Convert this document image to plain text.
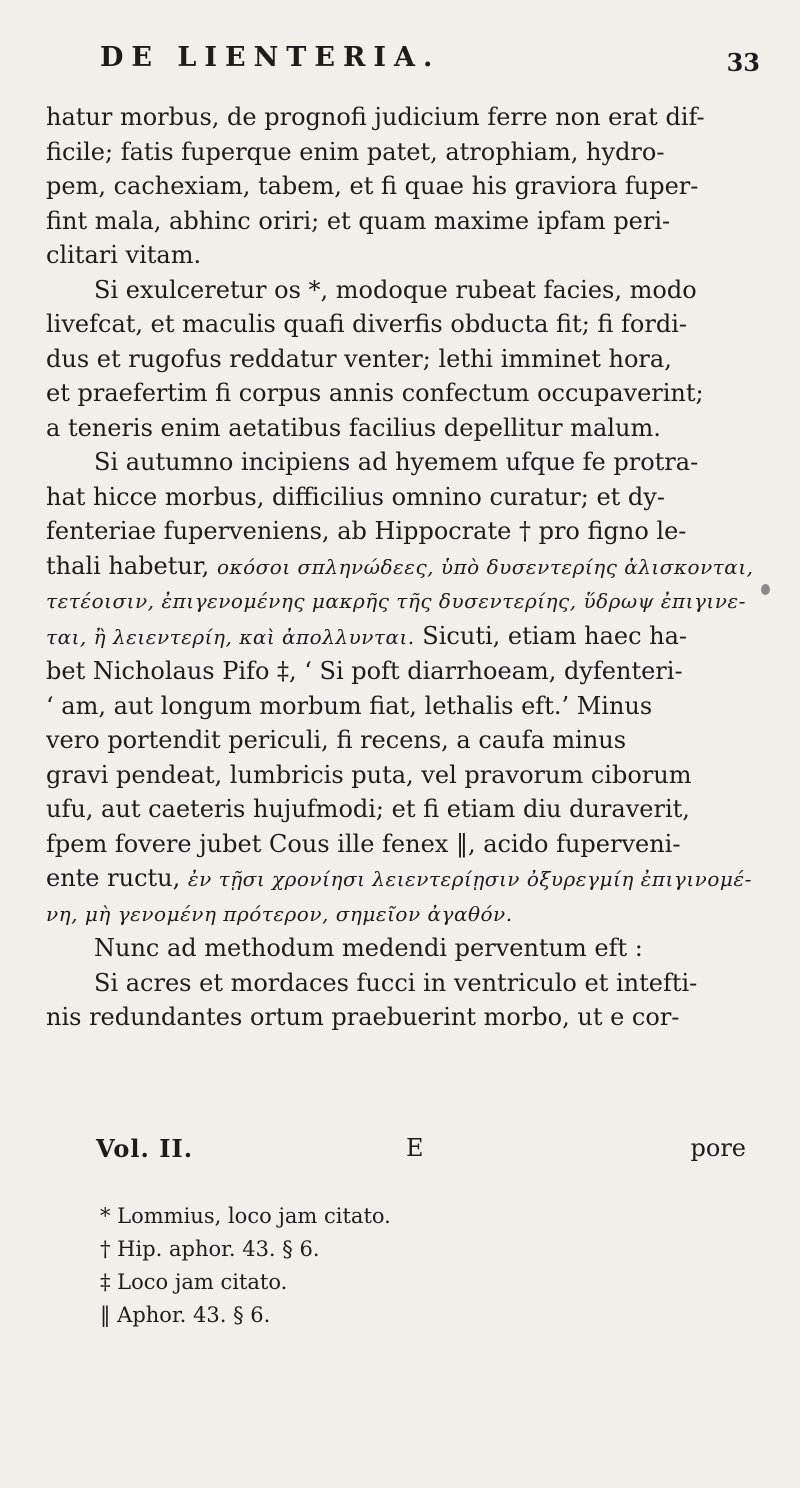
DE LIENTERIA.	33
hatur morbus, de prognofi judicium ferre non erat dif-
ficile; fatis fuperque enim patet, atrophiam, hydro-
pem, cachexiam, tabem, et fi quae his graviora fuper-
fint mala, abhinc oriri; et quam maxime ipfam peri-
clitari vitam.
Si exulceretur os *, modoque rubeat facies, modo
livefcat, et maculis quafi diverfis obducta fit; fi fordi-
dus et rugofus reddatur venter; lethi imminet hora,
et praefertim fi corpus annis confectum occupaverint;
a teneris enim aetatibus facilius depellitur malum.
Si autumno incipiens ad hyemem ufque fe protra-
hat hicce morbus, difficilius omnino curatur; et dy-
fenteriae fuperveniens, ab Hippocrate † pro figno le-
thali habetur, οκόσοι σπληνώδεες, ὑπὸ δυσεντερίης ἁλισκονται,
τετέοισιν, ἐπιγενομένης μακρῆς τῆς δυσεντερίης, ὕδρωψ ἐπιγινε-
ται, ἢ λειεντερίη, καὶ ἀπολλυνται. Sicuti, etiam haec ha-
bet Nicholaus Pifo ‡, ‘ Si poft diarrhoeam, dyfenteri-
‘ am, aut longum morbum fiat, lethalis eft.’ Minus
vero portendit periculi, fi recens, a caufa minus
gravi pendeat, lumbricis puta, vel pravorum ciborum
ufu, aut caeteris hujufmodi; et fi etiam diu duraverit,
fpem fovere jubet Cous ille fenex ‖, acido fuperveni-
ente ructu, ἐν τῇσι χρονίησι λειεντερίῃσιν ὀξυρεγμίη ἐπιγινομέ-
νη, μὴ γενομένη πρότερον, σημεῖον ἀγαθόν.
Nunc ad methodum medendi perventum eft :
Si acres et mordaces fucci in ventriculo et intefti-
nis redundantes ortum praebuerint morbo, ut e cor-
Vol. II.	E	pore
* Lommius, loco jam citato.
† Hip. aphor. 43. § 6.
‡ Loco jam citato.
‖ Aphor. 43. § 6.
